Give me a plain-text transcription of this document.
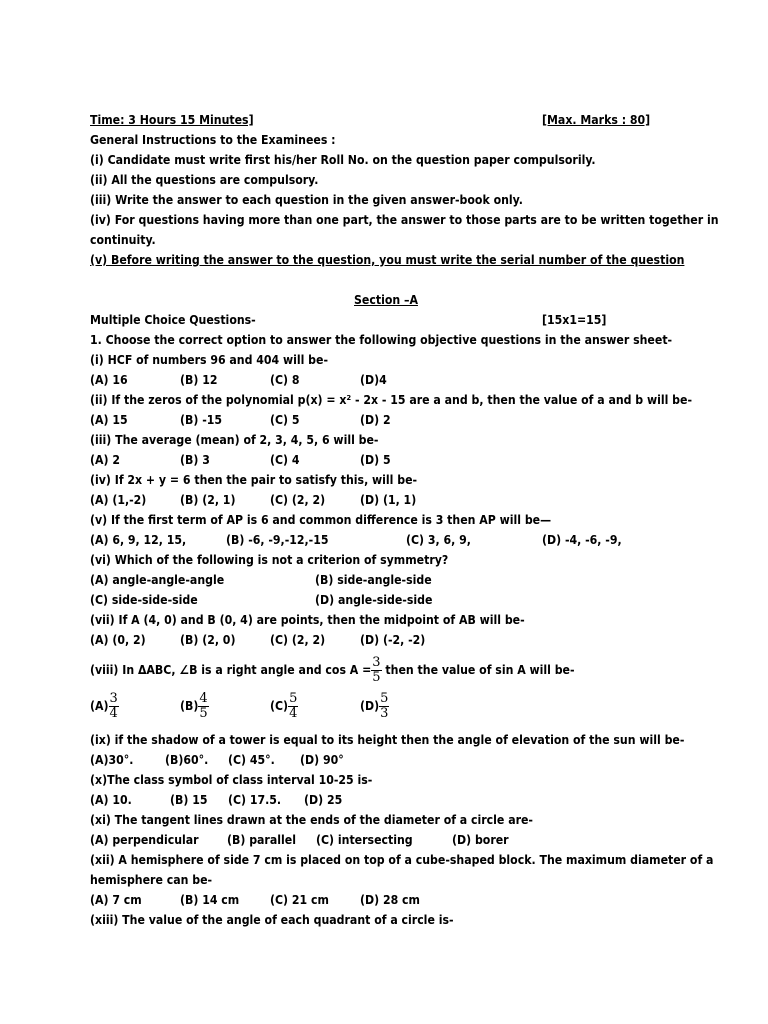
Time: 3 Hours 15 Minutes]	[Max. Marks : 80]
General Instructions to the Examinees :
(i) Candidate must write first his/her Roll No. on the question paper compulsorily.
(ii) All the questions are compulsory.
(iii) Write the answer to each question in the given answer-book only.
(iv) For questions having more than one part, the answer to those parts are to be written together in
continuity.
(v) Before writing the answer to the question, you must write the serial number of the question
Section –A
Multiple Choice Questions-	[15x1=15]
1. Choose the correct option to answer the following objective questions in the answer sheet-
(i) HCF of numbers 96 and 404 will be-
(A) 16	(B) 12	(C) 8	(D)4
(ii) If the zeros of the polynomial p(x) = x² - 2x - 15 are a and b, then the value of a and b will be-
(A) 15	(B) -15	(C) 5	(D) 2
(iii) The average (mean) of 2, 3, 4, 5, 6 will be-
(A) 2	(B) 3	(C) 4	(D) 5
(iv) If 2x + y = 6 then the pair to satisfy this, will be-
(A) (1,-2)	(B) (2, 1)	(C) (2, 2)	(D) (1, 1)
(v) If the first term of AP is 6 and common difference is 3 then AP will be—
(A) 6, 9, 12, 15,	(B) -6, -9,-12,-15	(C) 3, 6, 9,	(D) -4, -6, -9,
(vi) Which of the following is not a criterion of symmetry?
(A) angle-angle-angle	(B) side-angle-side
(C) side-side-side	(D) angle-side-side
(vii) If A (4, 0) and B (0, 4) are points, then the midpoint of AB will be-
(A) (0, 2)	(B) (2, 0)	(C) (2, 2)	(D) (-2, -2)
(viii) In ΔABC, ∠B is a right angle and $\cos A = \frac{3}{5}$ then the value of sin A will be-
$(A) \frac{3}{4}$	$(B) \frac{4}{5}$	$(C) \frac{5}{4}$	$(D) \frac{5}{3}$
(ix) if the shadow of a tower is equal to its height then the angle of elevation of the sun will be-
(A)30°.	(B)60°. (C) 45°. (D) 90°
(x)The class symbol of class interval 10-25 is-
(A) 10.	(B) 15 (C) 17.5. (D) 25
(xi) The tangent lines drawn at the ends of the diameter of a circle are-
(A) perpendicular (B) parallel (C) intersecting	(D) borer
(xii) A hemisphere of side 7 cm is placed on top of a cube-shaped block. The maximum diameter of a
hemisphere can be-
(A) 7 cm	(B) 14 cm	(C) 21 cm	(D) 28 cm
(xiii) The value of the angle of each quadrant of a circle is-
